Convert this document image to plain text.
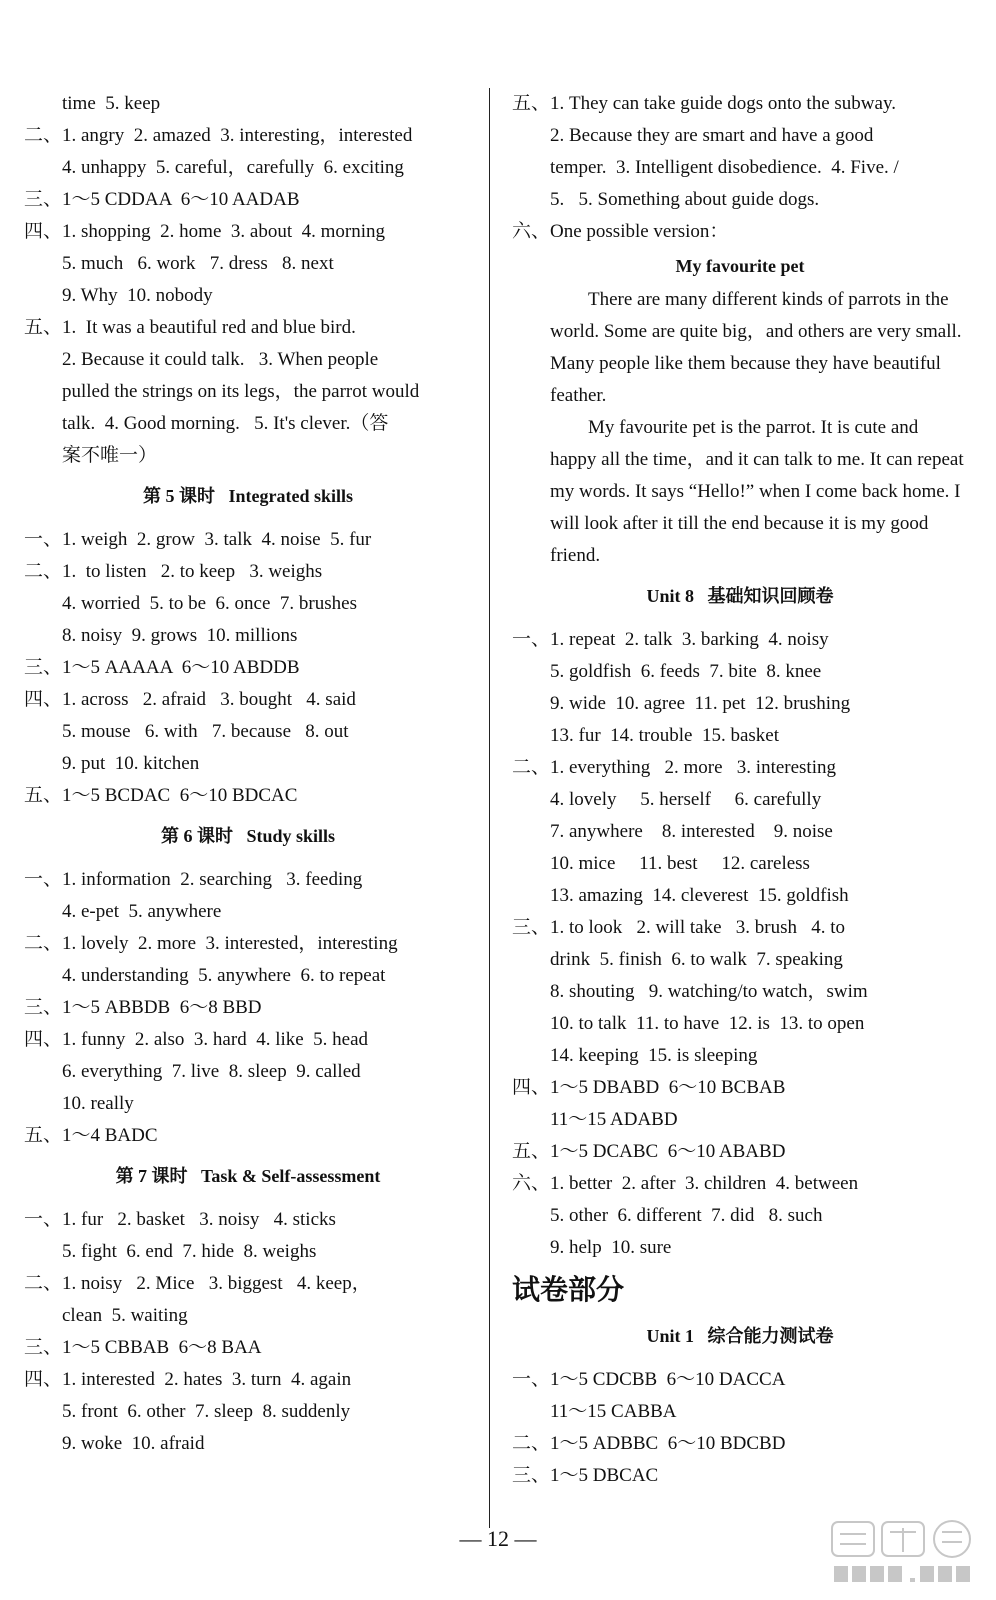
time  5. keep
二、1. angry  2. amazed  3. interesting，interested
4. unhappy  5. careful，carefully  6. exciting
三、1～5 CDDAA  6～10 AADAB
四、1. shopping  2. home  3. about  4. morning
5. much   6. work   7. dress   8. next
9. Why  10. nobody
五、1.  It was a beautiful red and blue bird.
2. Because it could talk.   3. When people
pulled the strings on its legs，the parrot would
talk.  4. Good morning.   5. It's clever.（答
案不唯一）
第 5 课时   Integrated skills
一、1. weigh  2. grow  3. talk  4. noise  5. fur
二、1.  to listen   2. to keep   3. weighs
4. worried  5. to be  6. once  7. brushes
8. noisy  9. grows  10. millions
三、1～5 AAAAA  6～10 ABDDB
四、1. across   2. afraid   3. bought   4. said
5. mouse   6. with   7. because   8. out
9. put  10. kitchen
五、1～5 BCDAC  6～10 BDCAC
第 6 课时   Study skills
一、1. information  2. searching   3. feeding
4. e-pet  5. anywhere
二、1. lovely  2. more  3. interested，interesting
4. understanding  5. anywhere  6. to repeat
三、1～5 ABBDB  6～8 BBD
四、1. funny  2. also  3. hard  4. like  5. head
6. everything  7. live  8. sleep  9. called
10. really
五、1～4 BADC
第 7 课时   Task & Self-assessment
一、1. fur   2. basket   3. noisy   4. sticks
5. fight  6. end  7. hide  8. weighs
二、1. noisy   2. Mice   3. biggest   4. keep，
clean  5. waiting
三、1～5 CBBAB  6～8 BAA
四、1. interested  2. hates  3. turn  4. again
5. front  6. other  7. sleep  8. suddenly
9. woke  10. afraid
五、1. They can take guide dogs onto the subway.
2. Because they are smart and have a good
temper.  3. Intelligent disobedience.  4. Five. /
5.   5. Something about guide dogs.
六、One possible version：
My favourite pet
There are many different kinds of parrots in the world. Some are quite big，and others are very small. Many people like them because they have beautiful feather.
My favourite pet is the parrot. It is cute and happy all the time，and it can talk to me. It can repeat my words. It says “Hello!” when I come back home. I will look after it till the end because it is my good friend.
Unit 8   基础知识回顾卷
一、1. repeat  2. talk  3. barking  4. noisy
5. goldfish  6. feeds  7. bite  8. knee
9. wide  10. agree  11. pet  12. brushing
13. fur  14. trouble  15. basket
二、1. everything   2. more   3. interesting
4. lovely     5. herself     6. carefully
7. anywhere    8. interested    9. noise
10. mice     11. best     12. careless
13. amazing  14. cleverest  15. goldfish
三、1. to look   2. will take   3. brush   4. to
drink  5. finish  6. to walk  7. speaking
8. shouting   9. watching/to watch，swim
10. to talk  11. to have  12. is  13. to open
14. keeping  15. is sleeping
四、1～5 DBABD  6～10 BCBAB
11～15 ADABD
五、1～5 DCABC  6～10 ABABD
六、1. better  2. after  3. children  4. between
5. other  6. different  7. did   8. such
9. help  10. sure
试卷部分
Unit 1   综合能力测试卷
一、1～5 CDCBB  6～10 DACCA
11～15 CABBA
二、1～5 ADBBC  6～10 BDCBD
三、1～5 DBCAC
— 12 —
